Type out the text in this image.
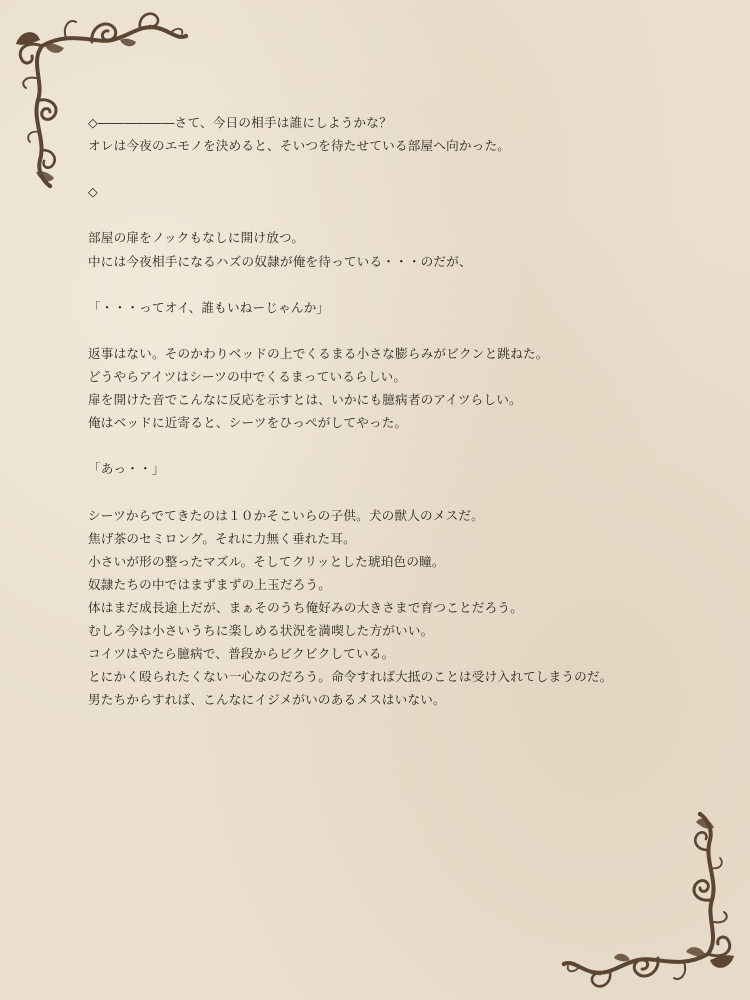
◇――――――さて、今日の相手は誰にしようかな？
オレは今夜のエモノを決めると、そいつを待たせている部屋へ向かった。
◇
部屋の扉をノックもなしに開け放つ。
中には今夜相手になるハズの奴隷が俺を待っている・・・のだが、
「・・・ってオイ、誰もいねーじゃんか」
返事はない。そのかわりベッドの上でくるまる小さな膨らみがビクンと跳ねた。
どうやらアイツはシーツの中でくるまっているらしい。
扉を開けた音でこんなに反応を示すとは、いかにも臆病者のアイツらしい。
俺はベッドに近寄ると、シーツをひっぺがしてやった。
「あっ・・」
シーツからでてきたのは１０かそこいらの子供。犬の獣人のメスだ。
焦げ茶のセミロング。それに力無く垂れた耳。
小さいが形の整ったマズル。そしてクリッとした琥珀色の瞳。
奴隷たちの中ではまずまずの上玉だろう。
体はまだ成長途上だが、まぁそのうち俺好みの大きさまで育つことだろう。
むしろ今は小さいうちに楽しめる状況を満喫した方がいい。
コイツはやたら臆病で、普段からビクビクしている。
とにかく殴られたくない一心なのだろう。命令すれば大抵のことは受け入れてしまうのだ。
男たちからすれば、こんなにイジメがいのあるメスはいない。
